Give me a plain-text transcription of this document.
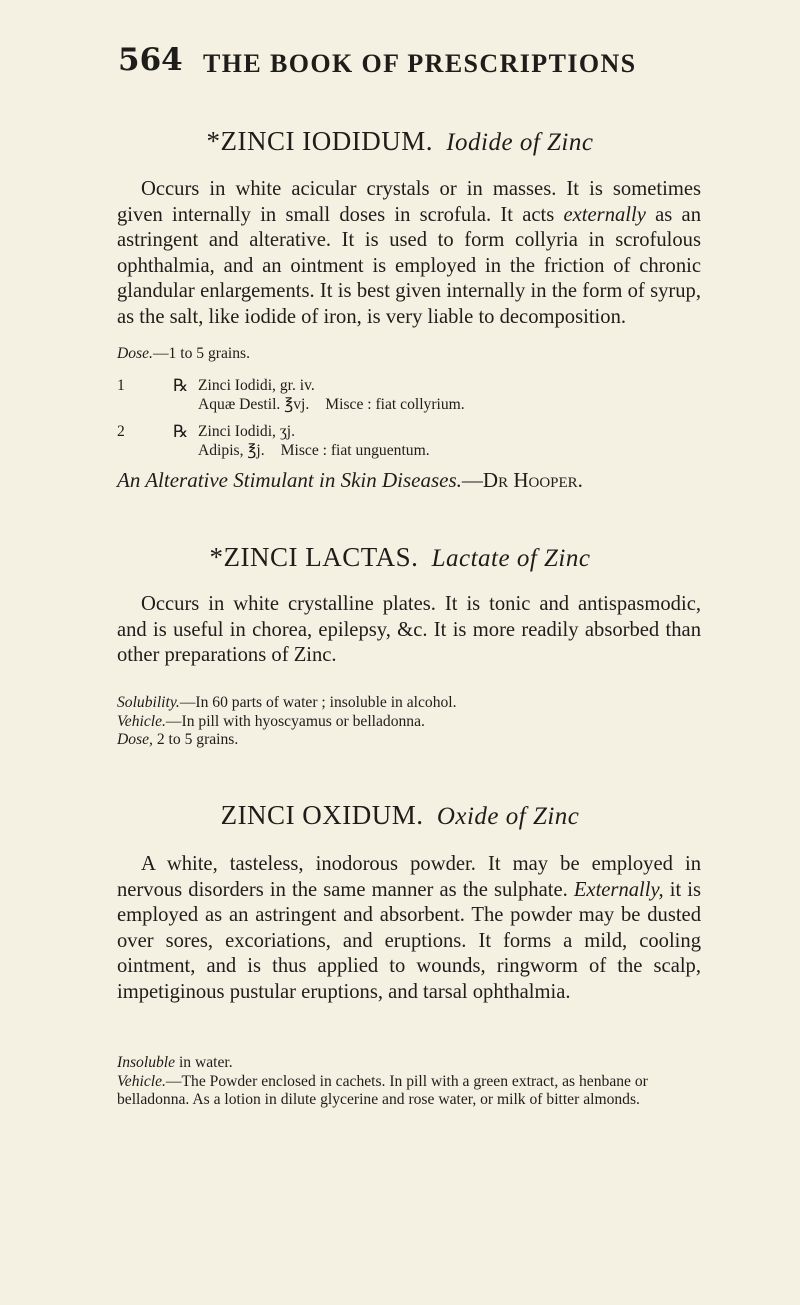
564 THE BOOK OF PRESCRIPTIONS
*ZINCI IODIDUM. Iodide of Zinc
Occurs in white acicular crystals or in masses. It is sometimes given internally in small doses in scrofula. It acts externally as an astringent and alterative. It is used to form collyria in scrofulous ophthalmia, and an ointment is employed in the friction of chronic glandular enlargements. It is best given internally in the form of syrup, as the salt, like iodide of iron, is very liable to decomposition.
Dose.—1 to 5 grains.
1	℞ Zinci Iodidi, gr. iv.
Aquæ Destil. ℥vj. Misce : fiat collyrium.
2	℞ Zinci Iodidi, ʒj.
Adipis, ℥j. Misce : fiat unguentum.
An Alterative Stimulant in Skin Diseases.—Dr Hooper.
*ZINCI LACTAS. Lactate of Zinc
Occurs in white crystalline plates. It is tonic and antispasmodic, and is useful in chorea, epilepsy, &c. It is more readily absorbed than other preparations of Zinc.
Solubility.—In 60 parts of water ; insoluble in alcohol.
Vehicle.—In pill with hyoscyamus or belladonna.
Dose, 2 to 5 grains.
ZINCI OXIDUM. Oxide of Zinc
A white, tasteless, inodorous powder. It may be employed in nervous disorders in the same manner as the sulphate. Externally, it is employed as an astringent and absorbent. The powder may be dusted over sores, excoriations, and eruptions. It forms a mild, cooling ointment, and is thus applied to wounds, ringworm of the scalp, impetiginous pustular eruptions, and tarsal ophthalmia.
Insoluble in water.
Vehicle.—The Powder enclosed in cachets. In pill with a green extract, as henbane or belladonna. As a lotion in dilute glycerine and rose water, or milk of bitter almonds.
